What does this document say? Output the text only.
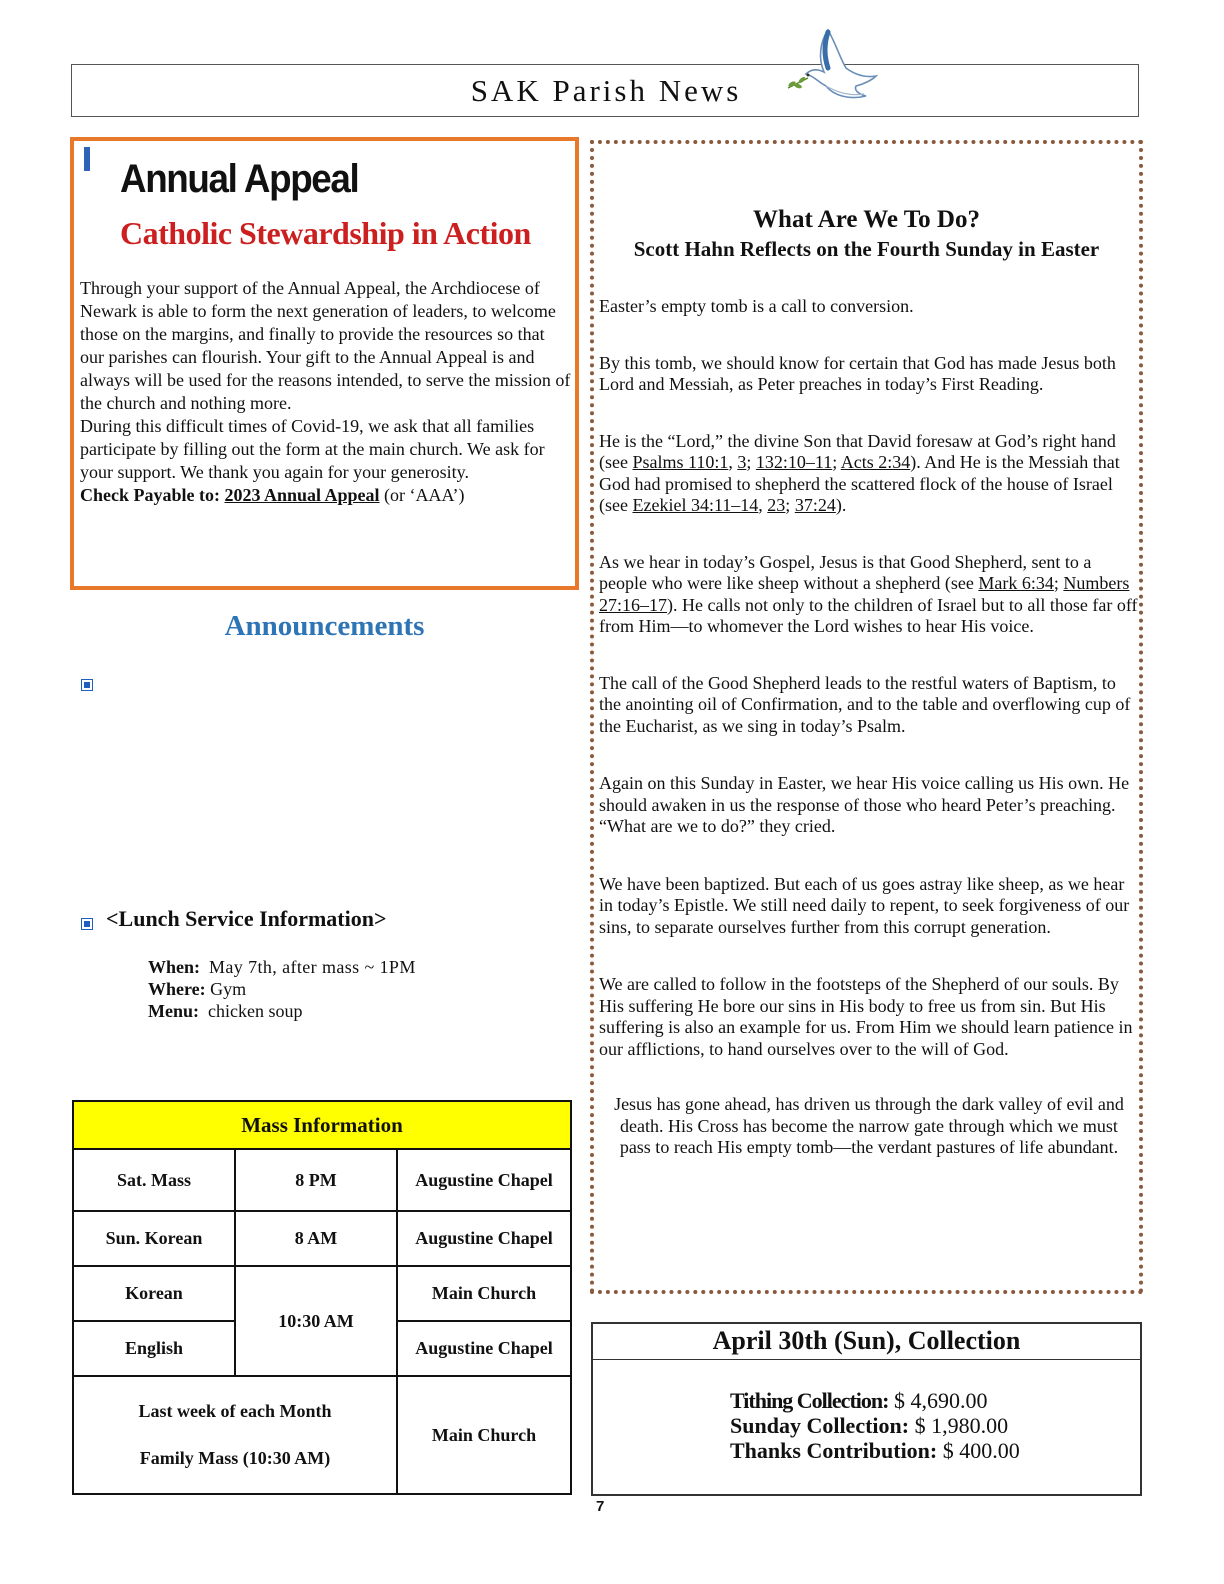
SAK Parish News
Annual Appeal
Catholic Stewardship in Action

Through your support of the Annual Appeal, the Archdiocese of Newark is able to form the next generation of leaders, to welcome those on the margins, and finally to provide the resources so that our parishes can flourish. Your gift to the Annual Appeal is and always will be used for the reasons intended, to serve the mission of the church and nothing more.

During this difficult times of Covid-19, we ask that all families participate by filling out the form at the main church. We ask for your support. We thank you again for your generosity.

Check Payable to: 2023 Annual Appeal (or ‘AAA’)

Announcements
<Lunch Service Information>
When: May 7th, after mass ~ 1PM
Where: Gym
Menu: chicken soup
Mass Information		
Sat. Mass	8 PM	Augustine Chapel
Sun. Korean	8 AM	Augustine Chapel
Korean	10:30 AM	Main Church
English		Augustine Chapel

Last week of each Month
Family Mass (10:30 AM)		Main Church
What Are We To Do?
Scott Hahn Reflects on the Fourth Sunday in Easter

Easter’s empty tomb is a call to conversion.

By this tomb, we should know for certain that God has made Jesus both Lord and Messiah, as Peter preaches in today’s First Reading.

He is the “Lord,” the divine Son that David foresaw at God’s right hand (see Psalms 110:1, 3; 132:10–11; Acts 2:34). And He is the Messiah that God had promised to shepherd the scattered flock of the house of Israel (see Ezekiel 34:11–14, 23; 37:24).

As we hear in today’s Gospel, Jesus is that Good Shepherd, sent to a people who were like sheep without a shepherd (see Mark 6:34; Numbers 27:16–17). He calls not only to the children of Israel but to all those far off from Him—to whomever the Lord wishes to hear His voice.

The call of the Good Shepherd leads to the restful waters of Baptism, to the anointing oil of Confirmation, and to the table and overflowing cup of the Eucharist, as we sing in today’s Psalm.

Again on this Sunday in Easter, we hear His voice calling us His own. He should awaken in us the response of those who heard Peter’s preaching. “What are we to do?” they cried.

We have been baptized. But each of us goes astray like sheep, as we hear in today’s Epistle. We still need daily to repent, to seek forgiveness of our sins, to separate ourselves further from this corrupt generation.

We are called to follow in the footsteps of the Shepherd of our souls. By His suffering He bore our sins in His body to free us from sin. But His suffering is also an example for us. From Him we should learn patience in our afflictions, to hand ourselves over to the will of God.

Jesus has gone ahead, has driven us through the dark valley of evil and death. His Cross has become the narrow gate through which we must pass to reach His empty tomb—the verdant pastures of life abundant.

April 30th (Sun), Collection
Tithing Collection: $ 4,690.00
Sunday Collection: $ 1,980.00
Thanks Contribution: $ 400.00
7
